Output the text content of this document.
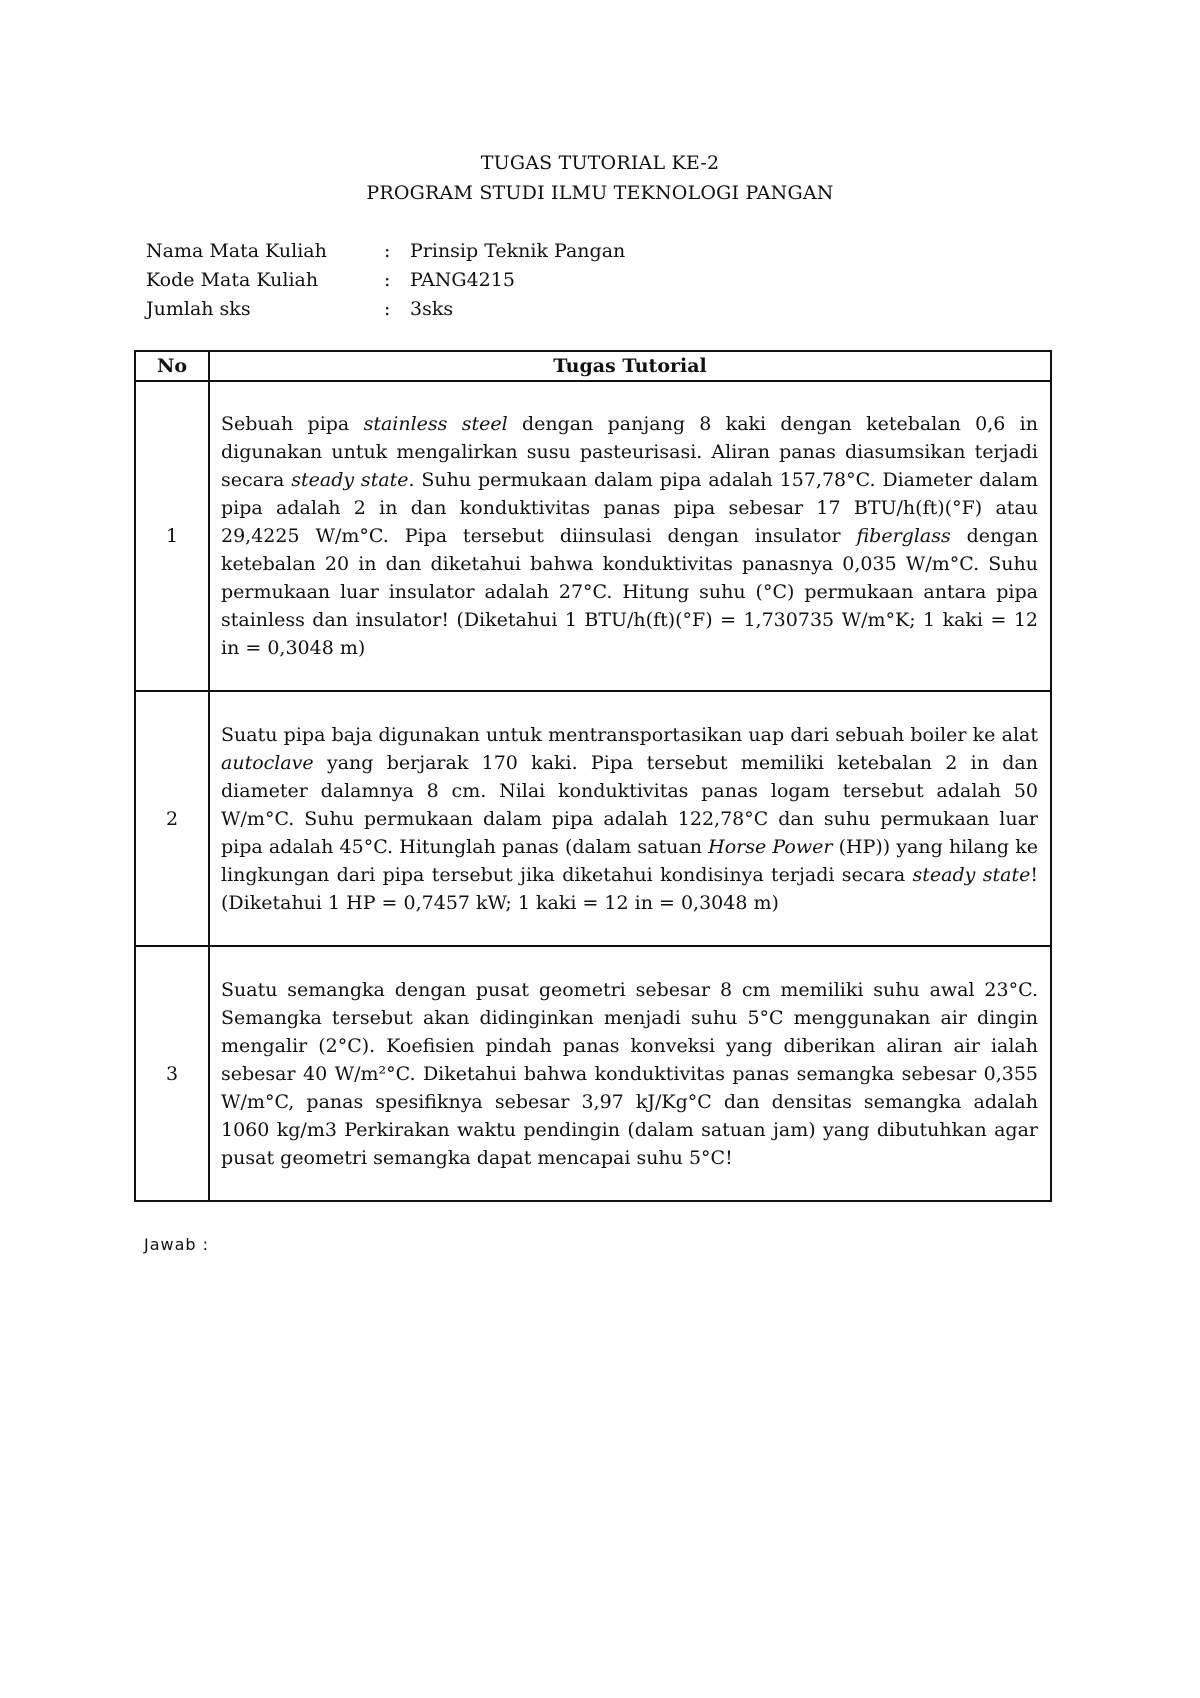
TUGAS TUTORIAL KE-2
PROGRAM STUDI ILMU TEKNOLOGI PANGAN
Nama Mata Kuliah	:	Prinsip Teknik Pangan
Kode Mata Kuliah	:	PANG4215
Jumlah sks	:	3sks
No	Tugas Tutorial
1	Sebuah pipa stainless steel dengan panjang 8 kaki dengan ketebalan 0,6 in digunakan untuk mengalirkan susu pasteurisasi. Aliran panas diasumsikan terjadi secara steady state. Suhu permukaan dalam pipa adalah 157,78°C. Diameter dalam pipa adalah 2 in dan konduktivitas panas pipa sebesar 17 BTU/h(ft)(°F) atau 29,4225 W/m°C. Pipa tersebut diinsulasi dengan insulator fiberglass dengan ketebalan 20 in dan diketahui bahwa konduktivitas panasnya 0,035 W/m°C. Suhu permukaan luar insulator adalah 27°C. Hitung suhu (°C) permukaan antara pipa stainless dan insulator! (Diketahui 1 BTU/h(ft)(°F) = 1,730735 W/m°K; 1 kaki = 12 in = 0,3048 m)
2	Suatu pipa baja digunakan untuk mentransportasikan uap dari sebuah boiler ke alat autoclave yang berjarak 170 kaki. Pipa tersebut memiliki ketebalan 2 in dan diameter dalamnya 8 cm. Nilai konduktivitas panas logam tersebut adalah 50 W/m°C. Suhu permukaan dalam pipa adalah 122,78°C dan suhu permukaan luar pipa adalah 45°C. Hitunglah panas (dalam satuan Horse Power (HP)) yang hilang ke lingkungan dari pipa tersebut jika diketahui kondisinya terjadi secara steady state! (Diketahui 1 HP = 0,7457 kW; 1 kaki = 12 in = 0,3048 m)
3	Suatu semangka dengan pusat geometri sebesar 8 cm memiliki suhu awal 23°C. Semangka tersebut akan didinginkan menjadi suhu 5°C menggunakan air dingin mengalir (2°C). Koefisien pindah panas konveksi yang diberikan aliran air ialah sebesar 40 W/m²°C. Diketahui bahwa konduktivitas panas semangka sebesar 0,355 W/m°C, panas spesifiknya sebesar 3,97 kJ/Kg°C dan densitas semangka adalah 1060 kg/m3 Perkirakan waktu pendingin (dalam satuan jam) yang dibutuhkan agar pusat geometri semangka dapat mencapai suhu 5°C!
Jawab :
